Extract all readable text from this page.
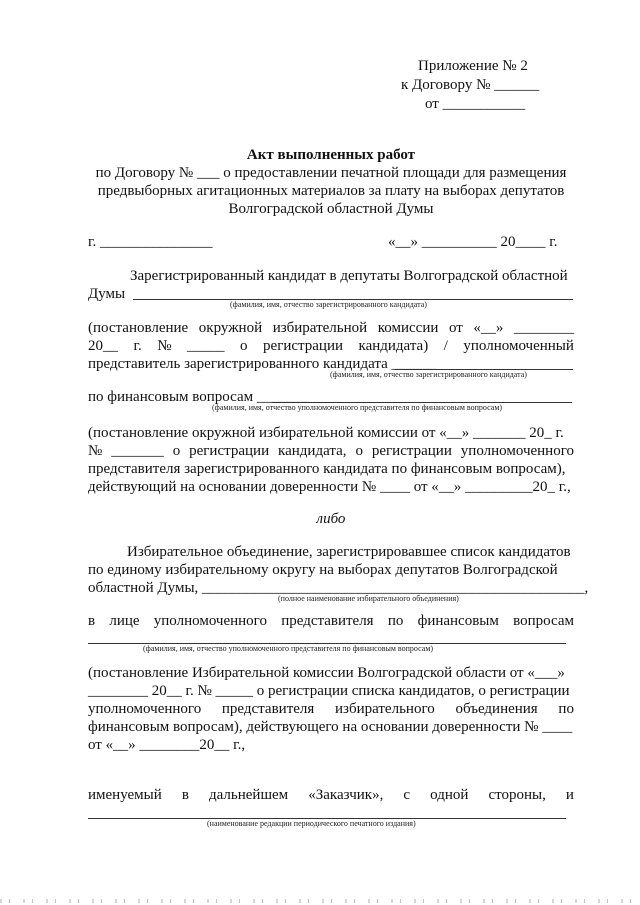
Приложение № 2
к Договору № ______
от ___________
Акт выполненных работ
по Договору № ___ о предоставлении печатной площади для размещения
предвыборных агитационных материалов за плату на выборах депутатов
Волгоградской областной Думы
г. _______________	«__» __________ 20____ г.
Зарегистрированный кандидат в депутаты Волгоградской областной
Думы
(фамилия, имя, отчество зарегистрированного кандидата)
(постановление окружной избирательной комиссии от «__» ________
20__ г. № _____ о регистрации кандидата) / уполномоченный
представитель зарегистрированного кандидата ______
(фамилия, имя, отчество зарегистрированного кандидата)
по финансовым вопросам _______
(фамилия, имя, отчество уполномоченного представителя по финансовым вопросам)
(постановление окружной избирательной комиссии от «__» _______ 20_ г.
№ _______ о регистрации кандидата, о регистрации уполномоченного
представителя зарегистрированного кандидата по финансовым вопросам),
действующий на основании доверенности № ____ от «__» _________20_ г.,
либо
Избирательное объединение, зарегистрировавшее список кандидатов
по единому избирательному округу на выборах депутатов Волгоградской
областной Думы, ___________________________________________________,
(полное наименование избирательного объединения)
в лице уполномоченного представителя по финансовым вопросам
(фамилия, имя, отчество уполномоченного представителя по финансовым вопросам)
(постановление Избирательной комиссии Волгоградской области от «___»
________ 20__ г. № _____ о регистрации списка кандидатов, о регистрации
уполномоченного представителя избирательного объединения по
финансовым вопросам), действующего на основании доверенности № ____
от «__» ________20__ г.,
именуемый в дальнейшем «Заказчик», с одной стороны, и
(наименование редакции периодического печатного издания)
